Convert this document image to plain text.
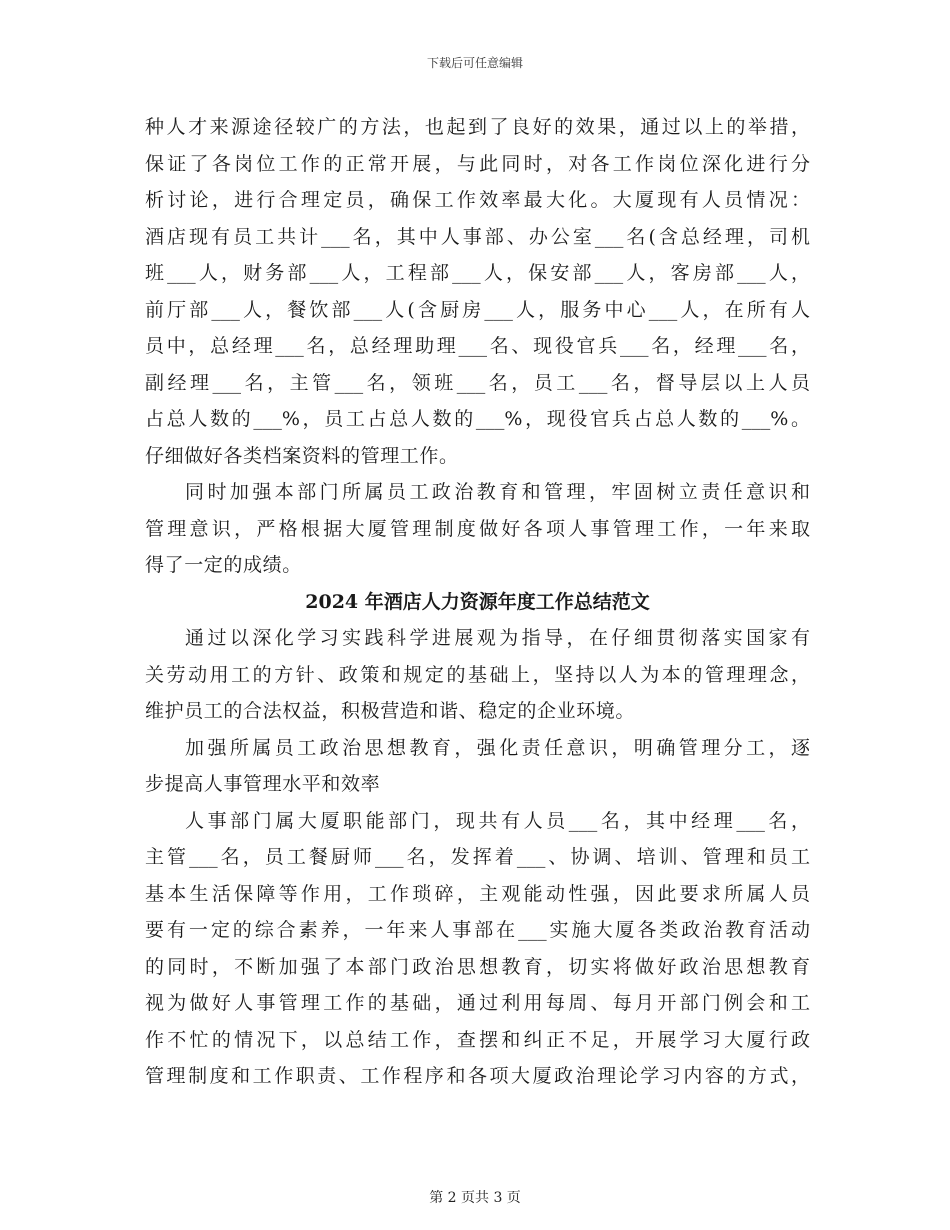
下载后可任意编辑
种人才来源途径较广的方法，也起到了良好的效果，通过以上的举措，
保证了各岗位工作的正常开展，与此同时，对各工作岗位深化进行分
析讨论，进行合理定员，确保工作效率最大化。大厦现有人员情况：
酒店现有员工共计___名，其中人事部、办公室___名(含总经理，司机
班___人，财务部___人，工程部___人，保安部___人，客房部___人，
前厅部___人，餐饮部___人(含厨房___人，服务中心___人，在所有人
员中，总经理___名，总经理助理___名、现役官兵___名，经理___名，
副经理___名，主管___名，领班___名，员工___名，督导层以上人员
占总人数的___%，员工占总人数的___%，现役官兵占总人数的___%。
仔细做好各类档案资料的管理工作。
同时加强本部门所属员工政治教育和管理，牢固树立责任意识和
管理意识，严格根据大厦管理制度做好各项人事管理工作，一年来取
得了一定的成绩。
2024 年酒店人力资源年度工作总结范文
通过以深化学习实践科学进展观为指导，在仔细贯彻落实国家有
关劳动用工的方针、政策和规定的基础上，坚持以人为本的管理理念，
维护员工的合法权益，积极营造和谐、稳定的企业环境。
加强所属员工政治思想教育，强化责任意识，明确管理分工，逐
步提高人事管理水平和效率
人事部门属大厦职能部门，现共有人员___名，其中经理___名，
主管___名，员工餐厨师___名，发挥着___、协调、培训、管理和员工
基本生活保障等作用，工作琐碎，主观能动性强，因此要求所属人员
要有一定的综合素养，一年来人事部在___实施大厦各类政治教育活动
的同时，不断加强了本部门政治思想教育，切实将做好政治思想教育
视为做好人事管理工作的基础，通过利用每周、每月开部门例会和工
作不忙的情况下，以总结工作，查摆和纠正不足，开展学习大厦行政
管理制度和工作职责、工作程序和各项大厦政治理论学习内容的方式，
第 2 页共 3 页
